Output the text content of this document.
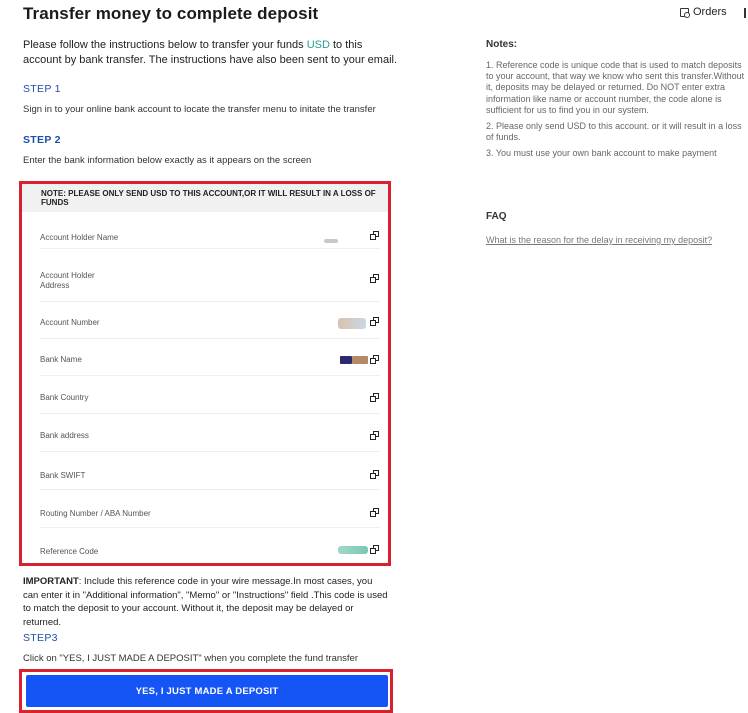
Transfer money to complete deposit	Orders
Please follow the instructions below to transfer your funds USD to this account by bank transfer. The instructions have also been sent to your email.
STEP 1
Sign in to your online bank account to locate the transfer menu to initate the transfer
STEP 2
Enter the bank information below exactly as it appears on the screen
NOTE: PLEASE ONLY SEND USD TO THIS ACCOUNT,OR IT WILL RESULT IN A LOSS OF FUNDS
Account Holder Name
Account Holder Address
Account Number
Bank Name
Bank Country
Bank address
Bank SWIFT
Routing Number / ABA Number
Reference Code
IMPORTANT: Include this reference code in your wire message.In most cases, you can enter it in "Additional information", "Memo" or "Instructions" field .This code is used to match the deposit to your account. Without it, the deposit may be delayed or returned.
STEP3
Click on "YES, I JUST MADE A DEPOSIT" when you complete the fund transfer
YES, I JUST MADE A DEPOSIT
Notes:

1. Reference code is unique code that is used to match deposits to your account, that way we know who sent this transfer.Without it, deposits may be delayed or returned. Do NOT enter extra information like name or account number, the code alone is sufficient for us to find you in our system.

2. Please only send USD to this account. or it will result in a loss of funds.

3. You must use your own bank account to make payment

FAQ
What is the reason for the delay in receiving my deposit?
